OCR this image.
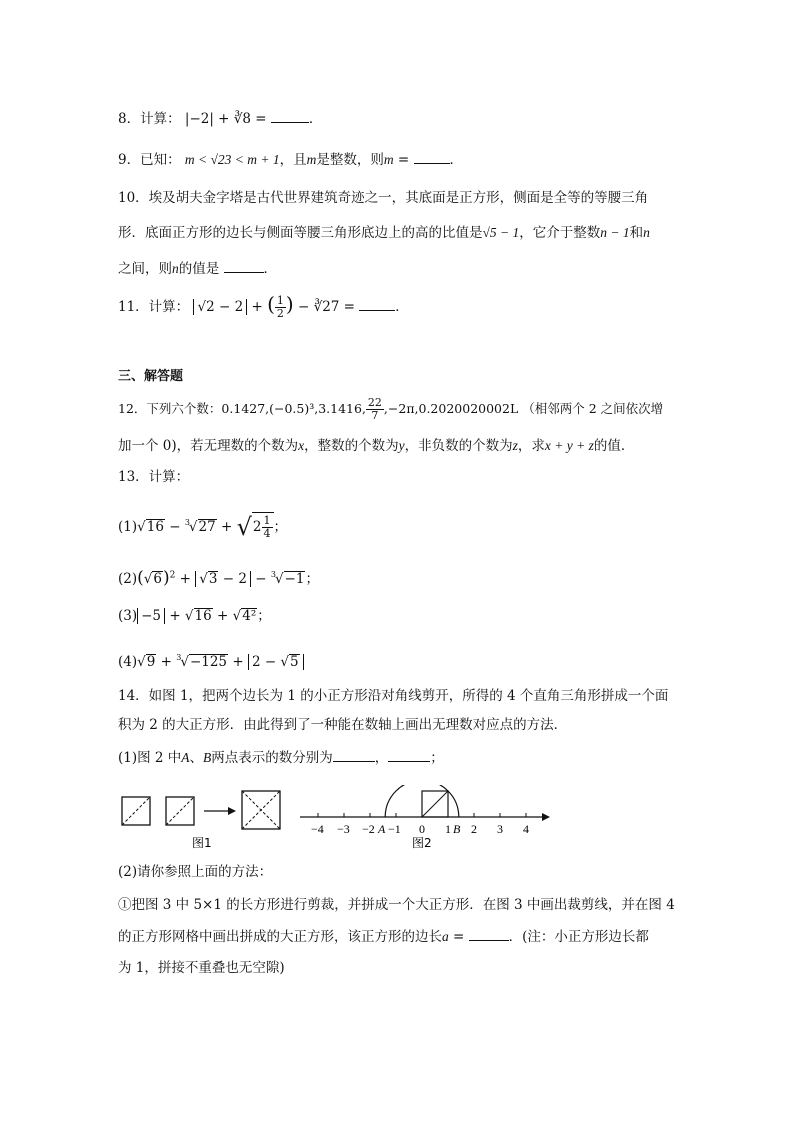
8．计算： |−2| + ∛8 =	．
9．已知： m < √23 < m + 1，且m是整数，则m =	．
10．埃及胡夫金字塔是古代世界建筑奇迹之一，其底面是正方形，侧面是全等的等腰三角
形．底面正方形的边长与侧面等腰三角形底边上的高的比值是√5 − 1，它介于整数n − 1和n
之间，则n的值是	．
11．计算： √2 − 2 + ( $\frac{1}{2}$ ) − ∛27 =	．
三、解答题
12．下列六个数：0.1427,(−0.5)³,3.1416, $\frac{22}{7} ,-2\pi,0.2020020002L$ （相邻两个 2 之间依次增
加一个 0)，若无理数的个数为x，整数的个数为y，非负数的个数为z，求x + y + z的值．
13．计算：
$(1)√16 - ^3√27 + √2 \frac{1}{4}$ ；
$(2)(√6)^2 + √3 - 2 - ^3√-1$；
(3) −5 + √16 + √4²；
(4)√9 + $^3$√−125 + 2 − √5
14．如图 1，把两个边长为 1 的小正方形沿对角线剪开，所得的 4 个直角三角形拼成一个面
积为 2 的大正方形．由此得到了一种能在数轴上画出无理数对应点的方法．
(1)图 2 中A、B两点表示的数分别为	，	；
图1
−4 −3 −2 A −1 0 1 B 2 3 4
图2
(2)请你参照上面的方法：
①把图 3 中 5×1 的长方形进行剪裁，并拼成一个大正方形．在图 3 中画出裁剪线，并在图 4
的正方形网格中画出拼成的大正方形，该正方形的边长a =	．(注：小正方形边长都
为 1，拼接不重叠也无空隙)
